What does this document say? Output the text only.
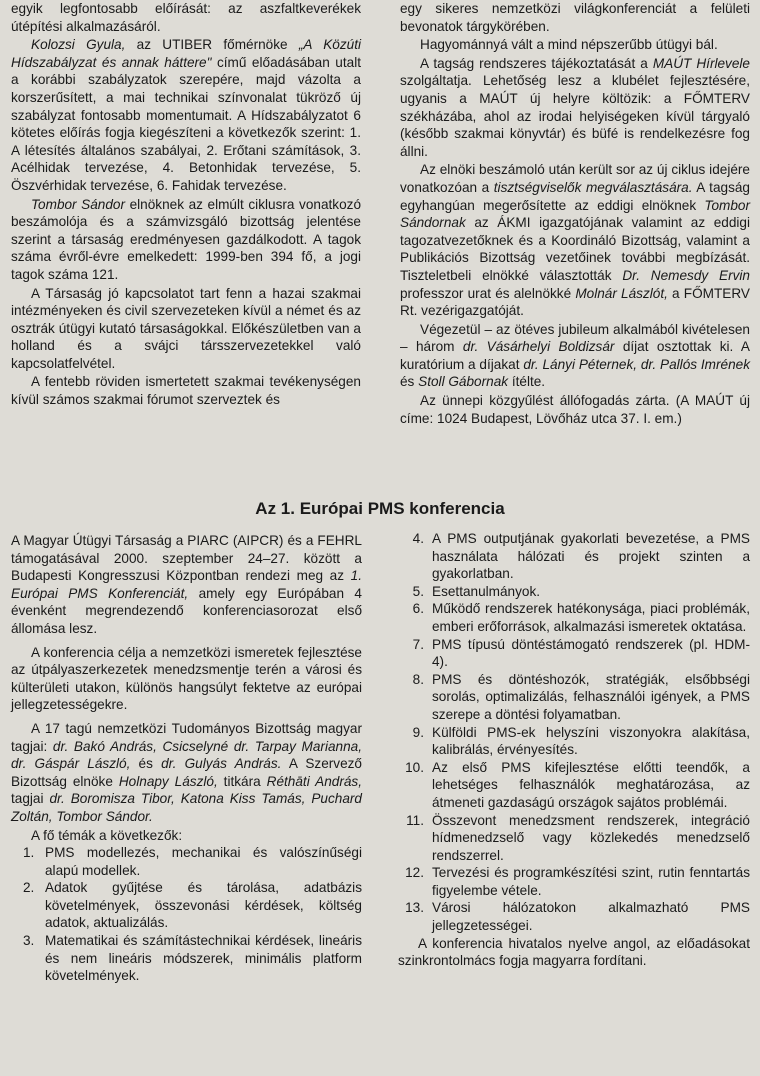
egyik legfontosabb előírását: az aszfaltkeverékek útépítési alkalmazásáról.

Kolozsi Gyula, az UTIBER főmérnöke „A Közúti Hídszabályzat és annak háttere" című előadásában utalt a korábbi szabályzatok szerepére, majd vázolta a korszerűsített, a mai technikai színvonalat tükröző új szabályzat fontosabb momentumait. A Hídszabályzatot 6 kötetes előírás fogja kiegészíteni a következők szerint: 1. A létesítés általános szabályai, 2. Erőtani számítások, 3. Acélhidak tervezése, 4. Betonhidak tervezése, 5. Öszvérhidak tervezése, 6. Fahidak tervezése.

Tombor Sándor elnöknek az elmúlt ciklusra vonatkozó beszámolója és a számvizsgáló bizottság jelentése szerint a társaság eredményesen gazdálkodott. A tagok száma évről-évre emelkedett: 1999-ben 394 fő, a jogi tagok száma 121.

A Társaság jó kapcsolatot tart fenn a hazai szakmai intézményeken és civil szervezeteken kívül a német és az osztrák útügyi kutató társaságokkal. Előkészületben van a holland és a svájci társszervezetekkel való kapcsolatfelvétel.

A fentebb röviden ismertetett szakmai tevékenységen kívül számos szakmai fórumot szerveztek és

egy sikeres nemzetközi világkonferenciát a felületi bevonatok tárgykörében.

Hagyománnyá vált a mind népszerűbb útügyi bál.

A tagság rendszeres tájékoztatását a MAÚT Hírlevele szolgáltatja. Lehetőség lesz a klubélet fejlesztésére, ugyanis a MAÚT új helyre költözik: a FŐMTERV székházába, ahol az irodai helyiségeken kívül tárgyaló (később szakmai könyvtár) és büfé is rendelkezésre fog állni.

Az elnöki beszámoló után került sor az új ciklus idejére vonatkozóan a tisztségviselők megválasztására. A tagság egyhangúan megerősítette az eddigi elnöknek Tombor Sándornak az ÁKMI igazgatójának valamint az eddigi tagozatvezetőknek és a Koordináló Bizottság, valamint a Publikációs Bizottság vezetőinek további megbízását. Tiszteletbeli elnökké választották Dr. Nemesdy Ervin professzor urat és alelnökké Molnár Lászlót, a FŐMTERV Rt. vezérigazgatóját.

Végezetül – az ötéves jubileum alkalmából kivételesen – három dr. Vásárhelyi Boldizsár díjat osztottak ki. A kuratórium a díjakat dr. Lányi Péternek, dr. Pallós Imrének és Stoll Gábornak ítélte.

Az ünnepi közgyűlést állófogadás zárta. (A MAÚT új címe: 1024 Budapest, Lövőház utca 37. I. em.)

Az 1. Európai PMS konferencia

A Magyar Útügyi Társaság a PIARC (AIPCR) és a FEHRL támogatásával 2000. szeptember 24–27. között a Budapesti Kongresszusi Központban rendezi meg az 1. Európai PMS Konferenciát, amely egy Európában 4 évenként megrendezendő konferenciasorozat első állomása lesz.

A konferencia célja a nemzetközi ismeretek fejlesztése az útpályaszerkezetek menedzsmentje terén a városi és külterületi utakon, különös hangsúlyt fektetve az európai jellegzetességekre.

A 17 tagú nemzetközi Tudományos Bizottság magyar tagjai: dr. Bakó András, Csicselyné dr. Tarpay Marianna, dr. Gáspár László, és dr. Gulyás András. A Szervező Bizottság elnöke Holnapy László, titkára Réthāti András, tagjai dr. Boromisza Tibor, Katona Kiss Tamás, Puchard Zoltán, Tombor Sándor.

A fő témák a következők:

1. PMS modellezés, mechanikai és valószínűségi alapú modellek.
2. Adatok gyűjtése és tárolása, adatbázis követelmények, összevonási kérdések, költség adatok, aktualizálás.
3. Matematikai és számítástechnikai kérdések, lineáris és nem lineáris módszerek, minimális platform követelmények.
4. A PMS outputjának gyakorlati bevezetése, a PMS használata hálózati és projekt szinten a gyakorlatban.
5. Esettanulmányok.
6. Működő rendszerek hatékonysága, piaci problémák, emberi erőforrások, alkalmazási ismeretek oktatása.
7. PMS típusú döntéstámogató rendszerek (pl. HDM-4).
8. PMS és döntéshozók, stratégiák, elsőbbségi sorolás, optimalizálás, felhasználói igények, a PMS szerepe a döntési folyamatban.
9. Külföldi PMS-ek helyszíni viszonyokra alakítása, kalibrálás, érvényesítés.
10. Az első PMS kifejlesztése előtti teendők, a lehetséges felhasználók meghatározása, az átmeneti gazdaságú országok sajátos problémái.
11. Összevont menedzsment rendszerek, integráció hídmenedzselő vagy közlekedés menedzselő rendszerrel.
12. Tervezési és programkészítési szint, rutin fenntartás figyelembe vétele.
13. Városi hálózatokon alkalmazható PMS jellegzetességei.

A konferencia hivatalos nyelve angol, az előadásokat szinkrontolmács fogja magyarra fordítani.
